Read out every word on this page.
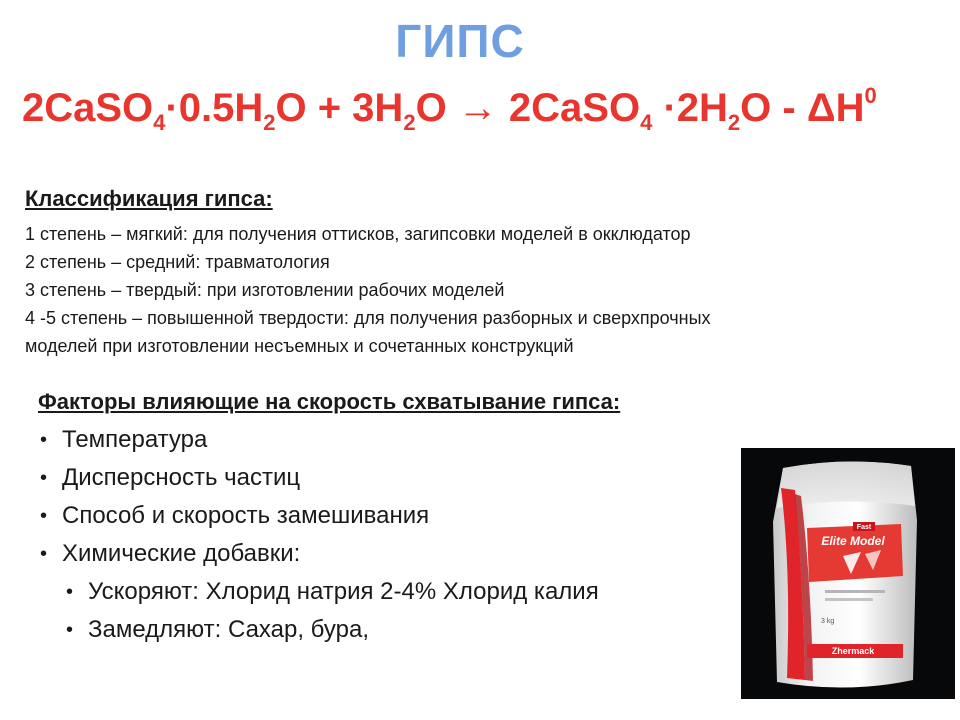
ГИПС
$2CaSO_4\cdot 0.5H_2O + 3H_2O$ → 2CaSO$_4$ $\cdot 2H_2O - \Delta H^0$
Классификация гипса:
1 степень – мягкий: для получения оттисков, загипсовки моделей в окклюдатор
2 степень – средний: травматология
3 степень – твердый: при изготовлении рабочих моделей
4 -5 степень – повышенной твердости: для получения разборных и сверхпрочных
моделей при изготовлении несъемных и сочетанных конструкций
Факторы влияющие на скорость схватывание гипса:
• Температура
• Дисперсность частиц
• Способ и скорость замешивания
• Химические добавки:
• Ускоряют: Хлорид натрия 2-4% Хлорид калия
• Замедляют: Сахар, бура,
Fast
Elite Model
3 kg
Zhermack
